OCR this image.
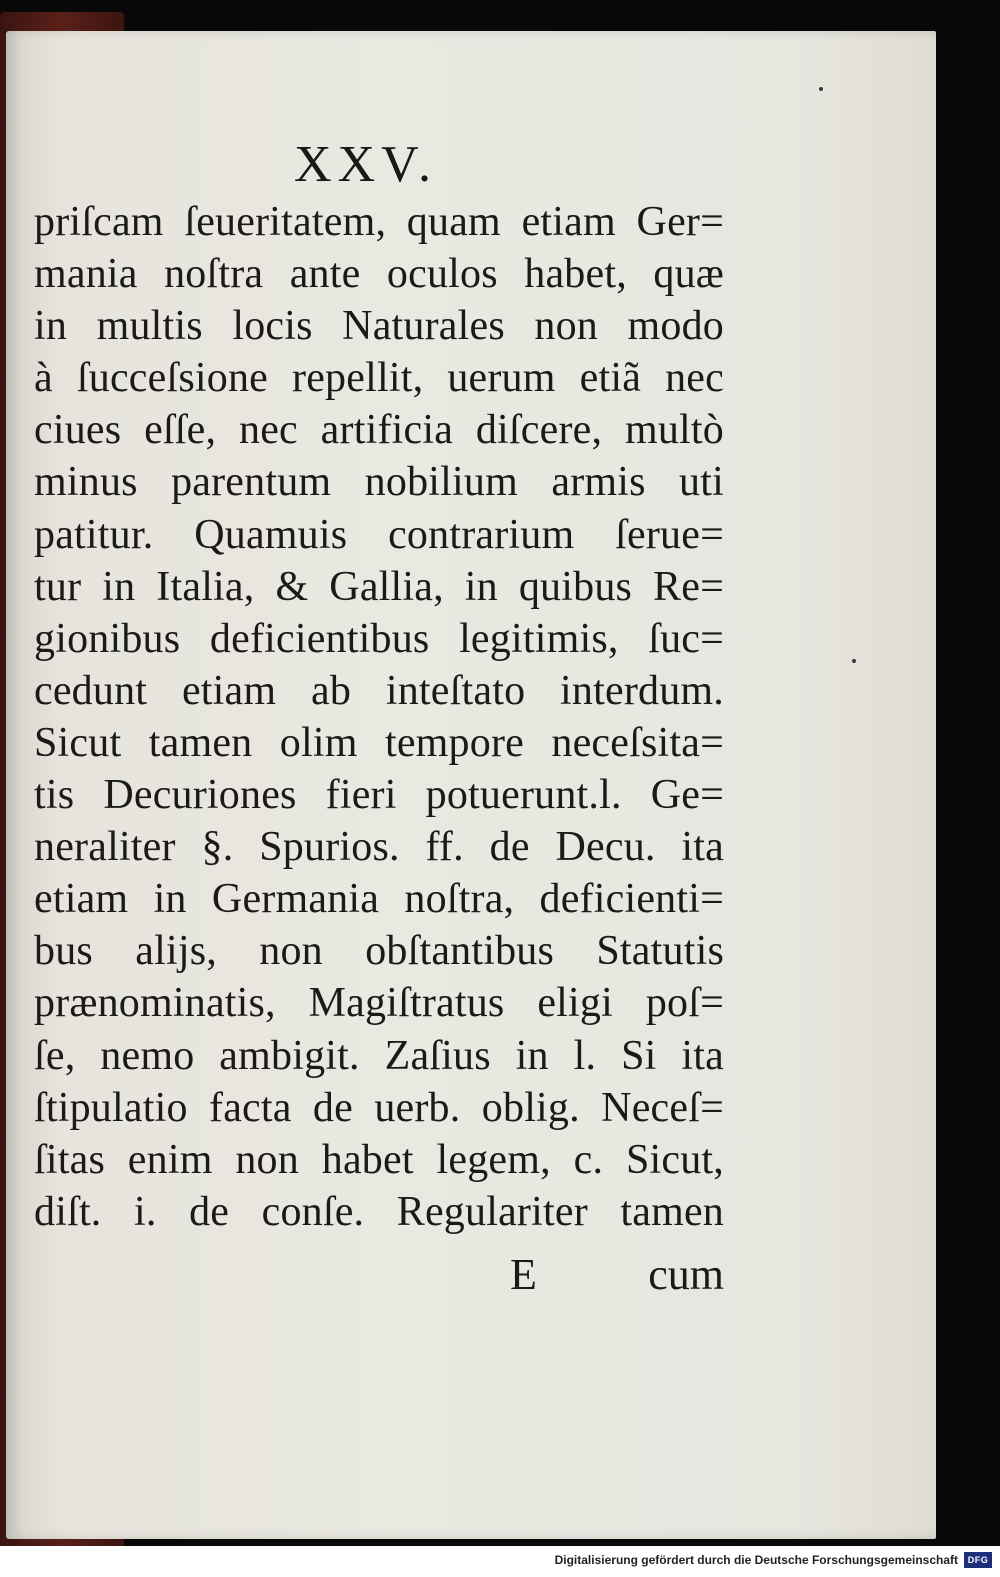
XXV.
priſcam ſeueritatem, quam etiam Ger=
mania noſtra ante oculos habet, quæ
in multis locis Naturales non modo
à ſucceſsione repellit, uerum etiã nec
ciues eſſe, nec artificia diſcere, multò
minus parentum nobilium armis uti
patitur. Quamuis contrarium ſerue=
tur in Italia, & Gallia, in quibus Re=
gionibus deficientibus legitimis, ſuc=
cedunt etiam ab inteſtato interdum.
Sicut tamen olim tempore neceſsita=
tis Decuriones fieri potuerunt.l. Ge=
neraliter §. Spurios. ff. de Decu. ita
etiam in Germania noſtra, deficienti=
bus alijs, non obſtantibus Statutis
prænominatis, Magiſtratus eligi poſ=
ſe, nemo ambigit. Zaſius in l. Si ita
ſtipulatio facta de uerb. oblig. Neceſ=
ſitas enim non habet legem, c. Sicut,
diſt. i. de conſe. Regulariter tamen
E	cum
Digitalisierung gefördert durch die Deutsche Forschungsgemeinschaft	DFG
